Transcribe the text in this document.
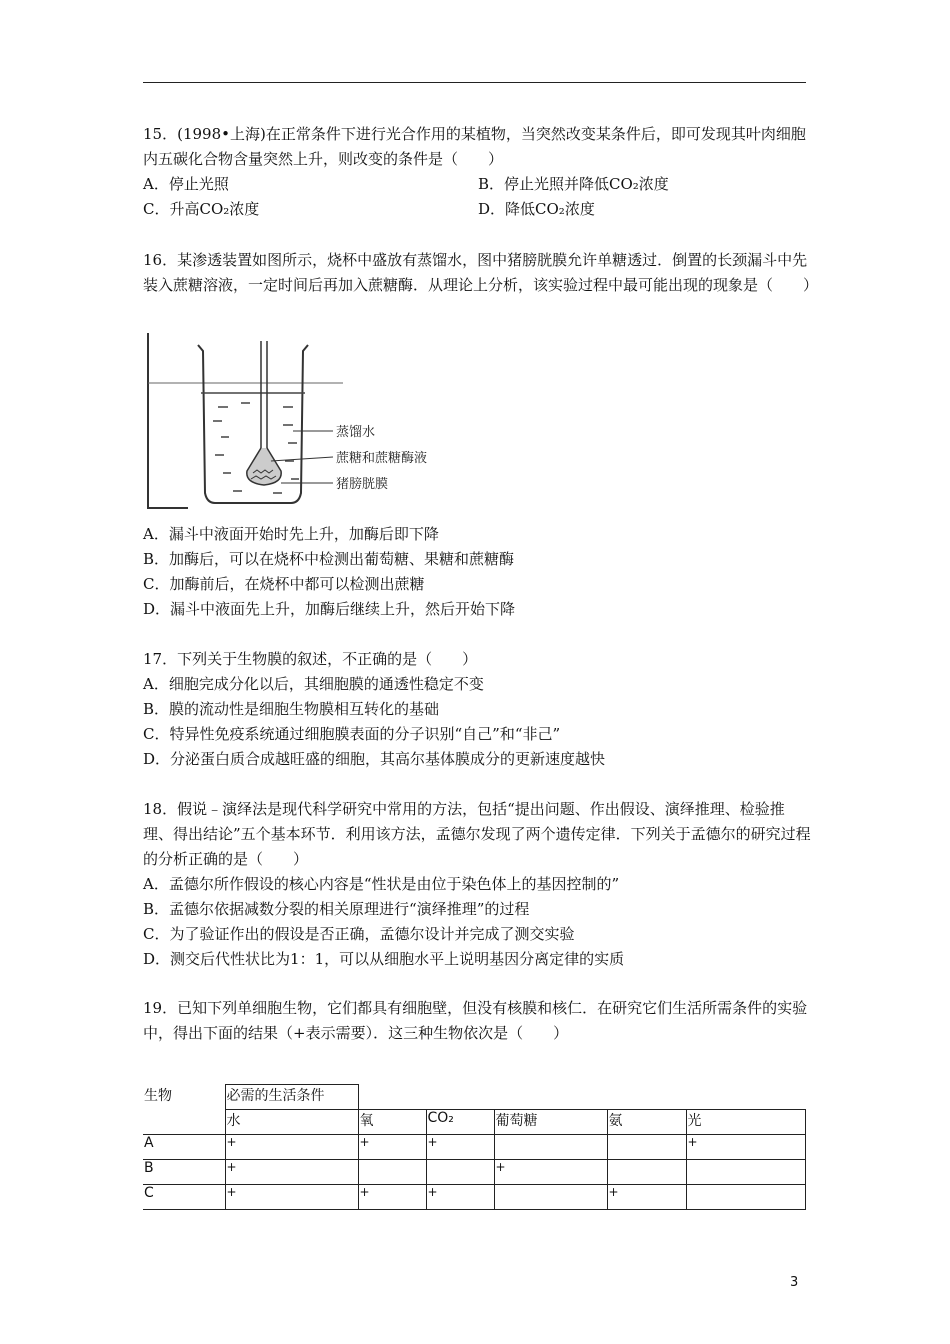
15．(1998•上海)在正常条件下进行光合作用的某植物，当突然改变某条件后，即可发现其叶肉细胞内五碳化合物含量突然上升，则改变的条件是（　　）

A．停止光照	B．停止光照并降低CO₂浓度
C．升高CO₂浓度	D．降低CO₂浓度

16．某渗透装置如图所示，烧杯中盛放有蒸馏水，图中猪膀胱膜允许单糖透过．倒置的长颈漏斗中先装入蔗糖溶液，一定时间后再加入蔗糖酶．从理论上分析，该实验过程中最可能出现的现象是（　　）

蒸馏水
蔗糖和蔗糖酶液
猪膀胱膜

A．漏斗中液面开始时先上升，加酶后即下降

B．加酶后，可以在烧杯中检测出葡萄糖、果糖和蔗糖酶

C．加酶前后，在烧杯中都可以检测出蔗糖

D．漏斗中液面先上升，加酶后继续上升，然后开始下降

17．下列关于生物膜的叙述，不正确的是（　　）

A．细胞完成分化以后，其细胞膜的通透性稳定不变

B．膜的流动性是细胞生物膜相互转化的基础

C．特异性免疫系统通过细胞膜表面的分子识别“自己”和“非己”

D．分泌蛋白质合成越旺盛的细胞，其高尔基体膜成分的更新速度越快

18．假说﹣演绎法是现代科学研究中常用的方法，包括“提出问题、作出假设、演绎推理、检验推理、得出结论”五个基本环节．利用该方法，孟德尔发现了两个遗传定律．下列关于孟德尔的研究过程的分析正确的是（　　）

A．孟德尔所作假设的核心内容是“性状是由位于染色体上的基因控制的”

B．孟德尔依据减数分裂的相关原理进行“演绎推理”的过程

C．为了验证作出的假设是否正确，孟德尔设计并完成了测交实验

D．测交后代性状比为1：1，可以从细胞水平上说明基因分离定律的实质

19．已知下列单细胞生物，它们都具有细胞壁，但没有核膜和核仁．在研究它们生活所需条件的实验中，得出下面的结果（+表示需要）．这三种生物依次是（　　）

生物	必需的生活条件					
	水	氧	CO₂	葡萄糖	氨	光
A	+	+	+			+
B	+			+		
C	+	+	+		+	
3
